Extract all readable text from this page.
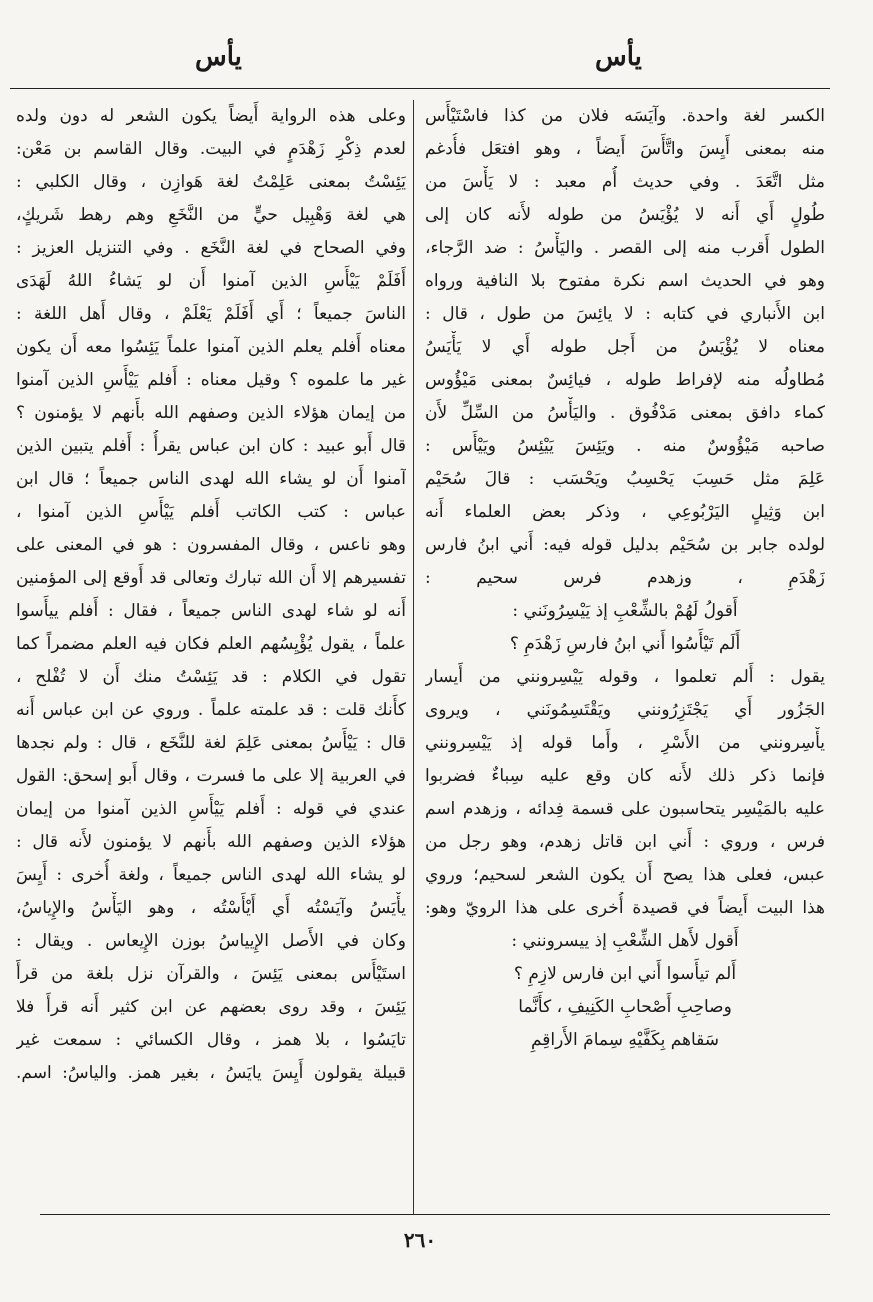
يأس
يأس
الكسر لغة واحدة. وآيَسَه فلان من كذا فاسْتَيْأَس
منه بمعنى أَيِسَ واتَّأَسَ أَيضاً ، وهو افتعَل فأُدغم
مثل اتَّعَدَ . وفي حديث أُم معبد : لا يَأْسَ من
طُولٍ أَي أَنه لا يُؤْيَسُ من طوله لأَنه كان إلى
الطول أَقرب منه إلى القصر . واليَأْسُ : ضد الرَّجاء،
وهو في الحديث اسم نكرة مفتوح بلا النافية ورواه
ابن الأَنباري في كتابه : لا يائِسَ من طول ، قال :
معناه لا يُؤْيَسُ من أَجل طوله أَي لا يَأْيَسُ
مُطاولُه منه لإفراط طوله ، فيائِسٌ بمعنى مَيْؤُوس
كماء دافق بمعنى مَدْفُوق . واليَأْسُ من السِّلِّ لأَن
صاحبه مَيْؤُوسٌ منه . ويَئِسَ يَيْئِسُ ويَيْأَس :
عَلِمَ مثل حَسِبَ يَحْسِبُ ويَحْسَب : قالَ سُحَيْم
ابن وَثِيلٍ اليَرْبُوعِي ، وذكر بعض العلماء أَنه
لولده جابر بن سُحَيْم بدليل قوله فيه: أَني ابنُ فارس
زَهْدَمِ ، وزهدم فرس سحيم :
أَقولُ لَهُمْ بالشِّعْبِ إذ يَيْسِرُونَني :
أَلَم تَيْأَسُوا أَني ابنُ فارسِ زَهْدَمِ ؟
يقول : أَلم تعلموا ، وقوله يَيْسِرونني من أَيسار
الجَزُور أَي يَجْتَزِرُونني ويَقْتَسِمُونَني ، ويروى
يأْسِرونني من الأَسْرِ ، وأَما قوله إذ يَيْسِرونني
فإنما ذكر ذلك لأَنه كان وقع عليه سِباءٌ فضربوا
عليه بالمَيْسِر يتحاسبون على قسمة فِدائه ، وزهدم اسم
فرس ، وروي : أَني ابن قاتل زهدم، وهو رجل من
عبس، فعلى هذا يصح أَن يكون الشعر لسحيم؛ وروي
هذا البيت أَيضاً في قصيدة أُخرى على هذا الرويّ وهو:
أَقول لأَهل الشِّعْبِ إذ ييسرونني :
أَلم تيأَسوا أَني ابن فارس لازِمِ ؟
وصاحِبِ أَصْحابِ الكَنِيفِ ، كأَنَّما
سَقاهم بِكَفَّيْهِ سِمامَ الأَراقِمِ
وعلى هذه الرواية أَيضاً يكون الشعر له دون ولده
لعدم ذِكْرِ زَهْدَمٍ في البيت. وقال القاسم بن مَعْن:
يَئِسْتُ بمعنى عَلِمْتُ لغة هَوازِن ، وقال الكلبي :
هي لغة وَهْبِيل حيٍّ من النَّخَعِ وهم رهط شَريكٍ،
وفي الصحاح في لغة النَّخَع . وفي التنزيل العزيز :
أَفَلَمْ يَيْأَسِ الذين آمنوا أَن لو يَشاءُ اللهُ لَهَدَى
الناسَ جميعاً ؛ أَي أَفَلَمْ يَعْلَمْ ، وقال أَهل اللغة :
معناه أَفلم يعلم الذين آمنوا علماً يَئِسُوا معه أَن يكون
غير ما علموه ؟ وقيل معناه : أَفلم يَيْأَسِ الذين آمنوا
من إيمان هؤلاء الذين وصفهم الله بأَنهم لا يؤمنون ؟
قال أَبو عبيد : كان ابن عباس يقرأُ : أَفلم يتبين الذين
آمنوا أَن لو يشاء الله لهدى الناس جميعاً ؛ قال ابن
عباس : كتب الكاتب أَفلم يَيْأَسِ الذين آمنوا ،
وهو ناعس ، وقال المفسرون : هو في المعنى على
تفسيرهم إلا أَن الله تبارك وتعالى قد أَوقع إلى المؤمنين
أَنه لو شاء لهدى الناس جميعاً ، فقال : أَفلم ييأَسوا
علماً ، يقول يُؤْيِسُهم العلم فكان فيه العلم مضمراً كما
تقول في الكلام : قد يَئِسْتُ منك أَن لا تُفْلح ،
كأَنك قلت : قد علمته علماً . وروي عن ابن عباس أَنه
قال : يَيْأَسُ بمعنى عَلِمَ لغة للنَّخَع ، قال : ولم نجدها
في العربية إلا على ما فسرت ، وقال أَبو إسحق: القول
عندي في قوله : أَفلم يَيْأَسِ الذين آمنوا من إيمان
هؤلاء الذين وصفهم الله بأَنهم لا يؤمنون لأَنه قال :
لو يشاء الله لهدى الناس جميعاً ، ولغة أُخرى : أَيِسَ
يأْيَسُ وآيَسْتُه أَي أَيْأَسْتُه ، وهو اليَأْسُ والإِياسُ،
وكان في الأَصل الإِيياسُ بوزن الإِيعاس . ويقال :
استَيْأَس بمعنى يَئِسَ ، والقرآن نزل بلغة من قرأَ
يَئِسَ ، وقد روى بعضهم عن ابن كثير أَنه قرأَ فلا
تايَسُوا ، بلا همز ، وقال الكسائي : سمعت غير
قبيلة يقولون أَيِسَ يايَسُ ، بغير همز. والياسُ: اسم.
٢٦٠
